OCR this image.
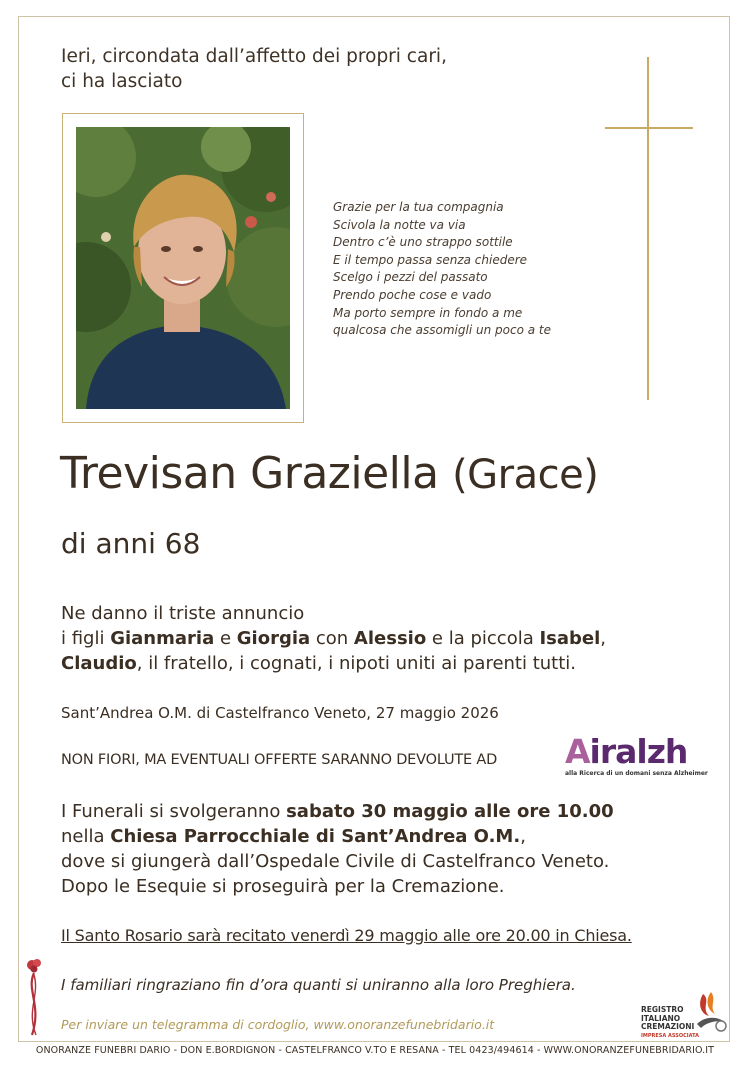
Ieri, circondata dall’affetto dei propri cari,
ci ha lasciato
Grazie per la tua compagnia
Scivola la notte va via
Dentro c’è uno strappo sottile
E il tempo passa senza chiedere
Scelgo i pezzi del passato
Prendo poche cose e vado
Ma porto sempre in fondo a me
qualcosa che assomigli un poco a te
Trevisan Graziella (Grace)
di anni 68
Ne danno il triste annuncio
i figli Gianmaria e Giorgia con Alessio e la piccola Isabel,
Claudio, il fratello, i cognati, i nipoti uniti ai parenti tutti.
Sant’Andrea O.M. di Castelfranco Veneto, 27 maggio 2026
NON FIORI, MA EVENTUALI OFFERTE SARANNO DEVOLUTE AD Airalzh
alla Ricerca di un domani senza Alzheimer
I Funerali si svolgeranno sabato 30 maggio alle ore 10.00
nella Chiesa Parrocchiale di Sant’Andrea O.M.,
dove si giungerà dall’Ospedale Civile di Castelfranco Veneto.
Dopo le Esequie si proseguirà per la Cremazione.
Il Santo Rosario sarà recitato venerdì 29 maggio alle ore 20.00 in Chiesa.
I familiari ringraziano fin d’ora quanti si uniranno alla loro Preghiera.
Per inviare un telegramma di cordoglio, www.onoranzefunebridario.it
REGISTRO
ITALIANO
CREMAZIONI
IMPRESA ASSOCIATA
ONORANZE FUNEBRI DARIO - DON E.BORDIGNON - CASTELFRANCO V.TO E RESANA - TEL 0423/494614 - WWW.ONORANZEFUNEBRIDARIO.IT
